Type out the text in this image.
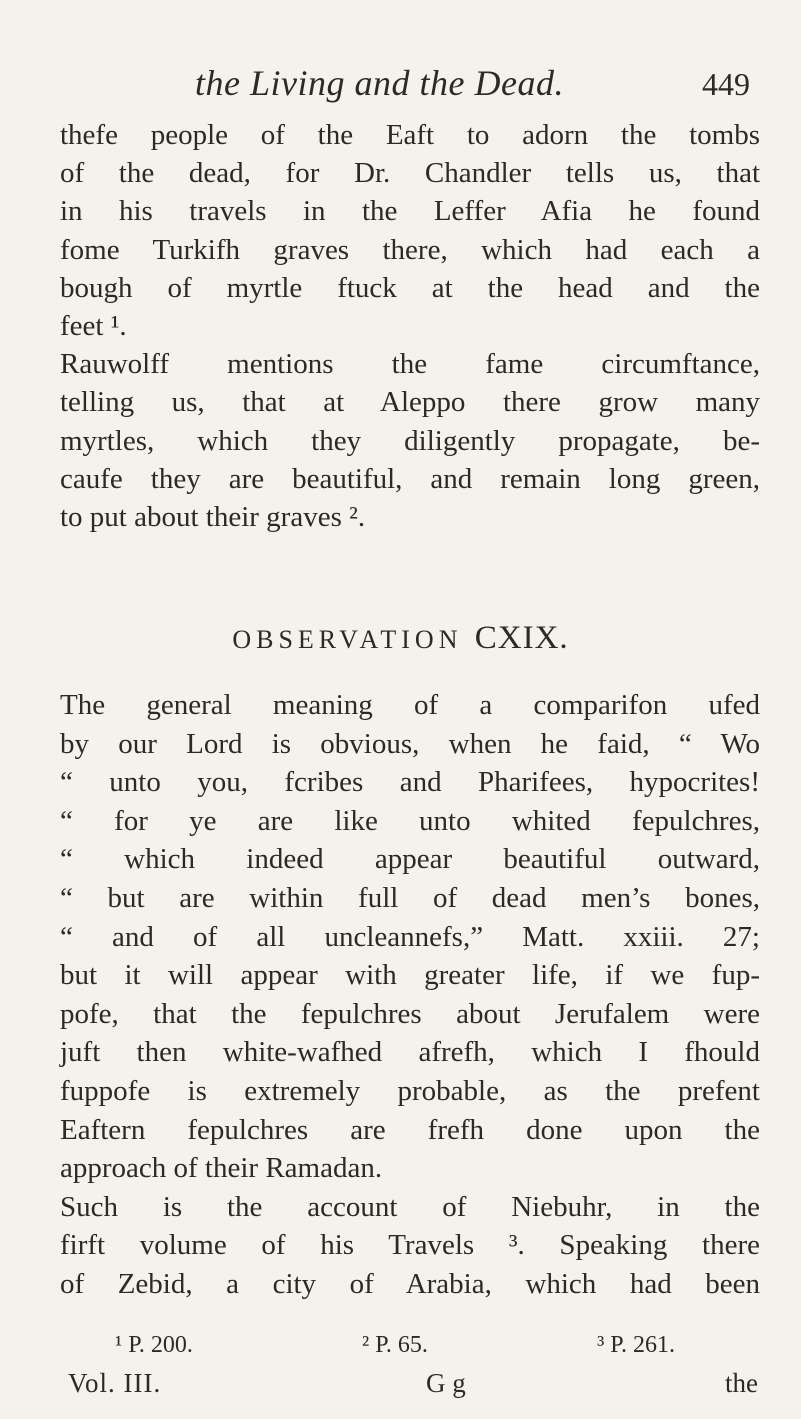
the Living and the Dead.	449
thefe people of the Eaft to adorn the tombs
of the dead, for Dr. Chandler tells us, that
in his travels in the Leffer Afia he found
fome Turkifh graves there, which had each a
bough of myrtle ftuck at the head and the
feet ¹.
Rauwolff mentions the fame circumftance,
telling us, that at Aleppo there grow many
myrtles, which they diligently propagate, be-
caufe they are beautiful, and remain long green,
to put about their graves ².
OBSERVATION CXIX.
The general meaning of a comparifon ufed
by our Lord is obvious, when he faid, “ Wo
“ unto you, fcribes and Pharifees, hypocrites!
“ for ye are like unto whited fepulchres,
“ which indeed appear beautiful outward,
“ but are within full of dead men’s bones,
“ and of all uncleannefs,” Matt. xxiii. 27;
but it will appear with greater life, if we fup-
pofe, that the fepulchres about Jerufalem were
juft then white-wafhed afrefh, which I fhould
fuppofe is extremely probable, as the prefent
Eaftern fepulchres are frefh done upon the
approach of their Ramadan.
Such is the account of Niebuhr, in the
firft volume of his Travels ³. Speaking there
of Zebid, a city of Arabia, which had been
¹ P. 200.	² P. 65.	³ P. 261.
Vol. III.	G g	the
